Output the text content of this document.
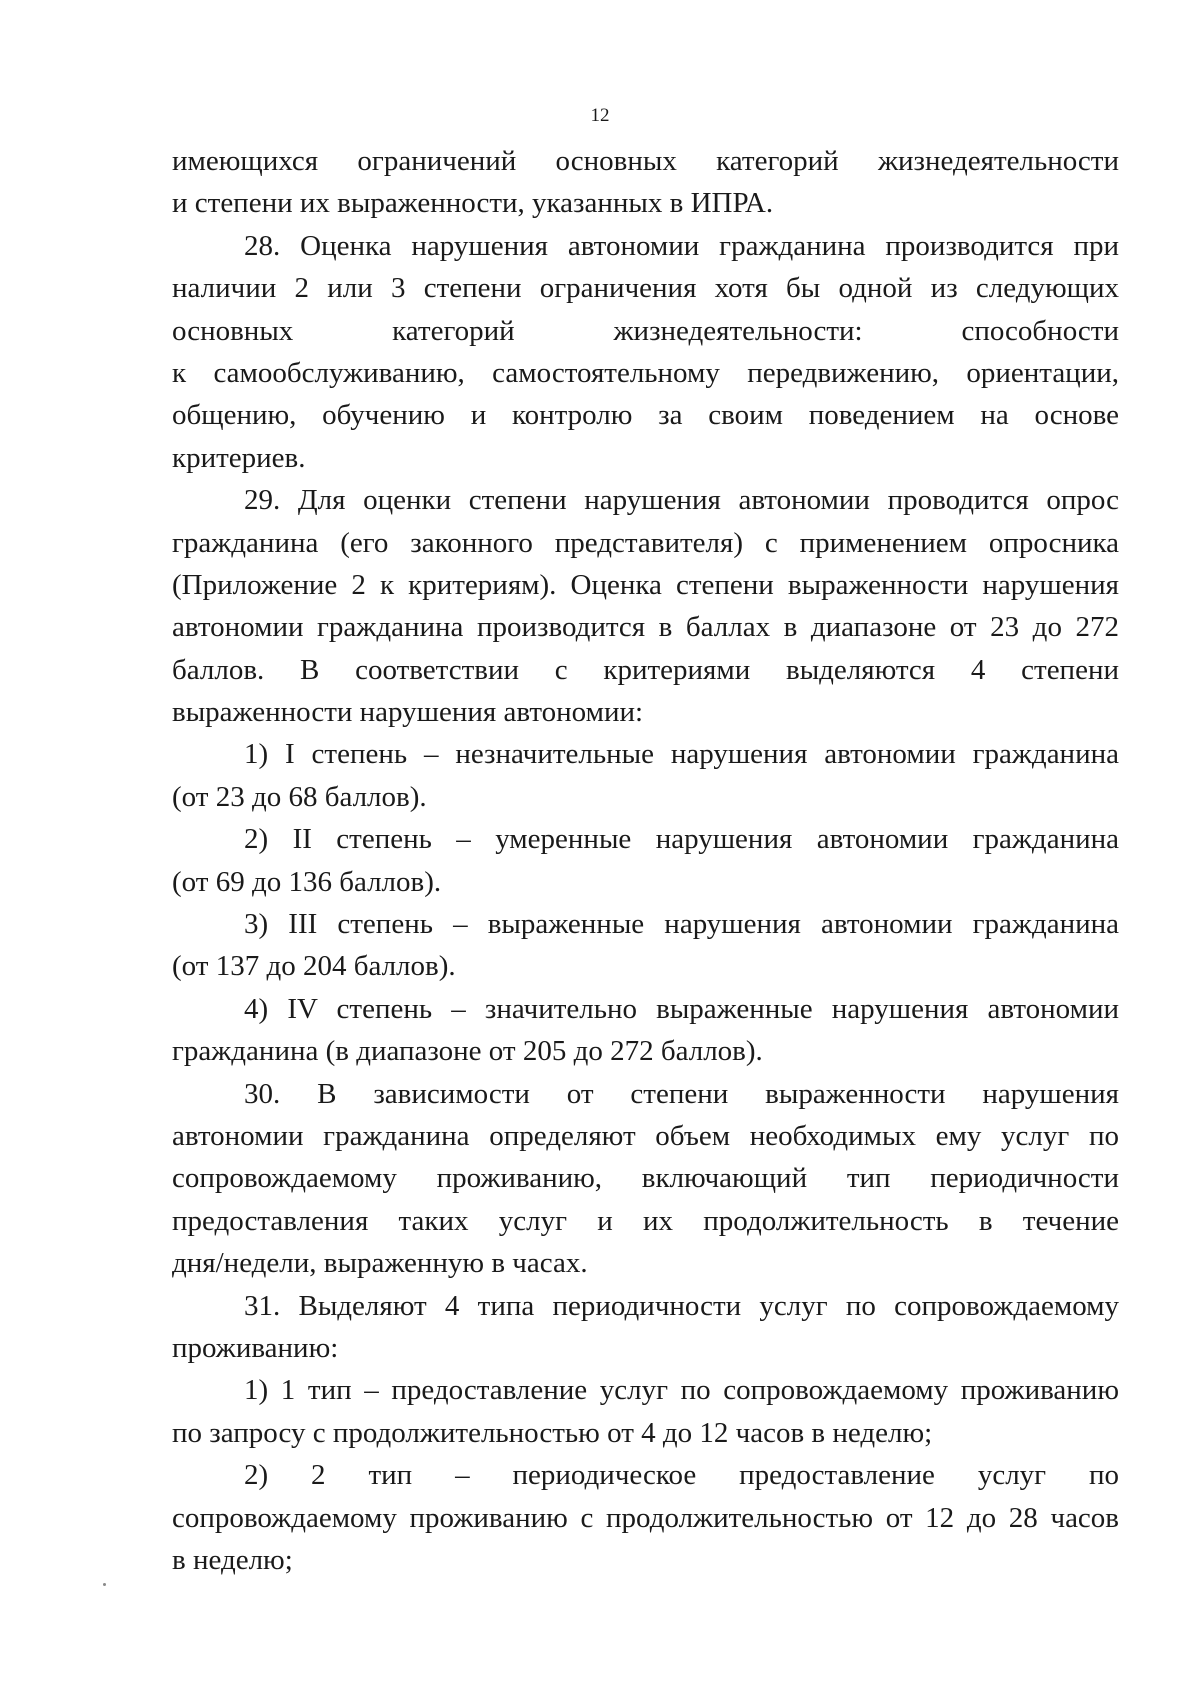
12
имеющихся ограничений основных категорий жизнедеятельности
и степени их выраженности, указанных в ИПРА.
28. Оценка нарушения автономии гражданина производится при
наличии 2 или 3 степени ограничения хотя бы одной из следующих
основных категорий жизнедеятельности: способности
к самообслуживанию, самостоятельному передвижению, ориентации,
общению, обучению и контролю за своим поведением на основе
критериев.
29. Для оценки степени нарушения автономии проводится опрос
гражданина (его законного представителя) с применением опросника
(Приложение 2 к критериям). Оценка степени выраженности нарушения
автономии гражданина производится в баллах в диапазоне от 23 до 272
баллов. В соответствии с критериями выделяются 4 степени
выраженности нарушения автономии:
1) I степень – незначительные нарушения автономии гражданина
(от 23 до 68 баллов).
2) II степень – умеренные нарушения автономии гражданина
(от 69 до 136 баллов).
3) III степень – выраженные нарушения автономии гражданина
(от 137 до 204 баллов).
4) IV степень – значительно выраженные нарушения автономии
гражданина (в диапазоне от 205 до 272 баллов).
30. В зависимости от степени выраженности нарушения
автономии гражданина определяют объем необходимых ему услуг по
сопровождаемому проживанию, включающий тип периодичности
предоставления таких услуг и их продолжительность в течение
дня/недели, выраженную в часах.
31. Выделяют 4 типа периодичности услуг по сопровождаемому
проживанию:
1) 1 тип – предоставление услуг по сопровождаемому проживанию
по запросу с продолжительностью от 4 до 12 часов в неделю;
2) 2 тип – периодическое предоставление услуг по
сопровождаемому проживанию с продолжительностью от 12 до 28 часов
в неделю;
